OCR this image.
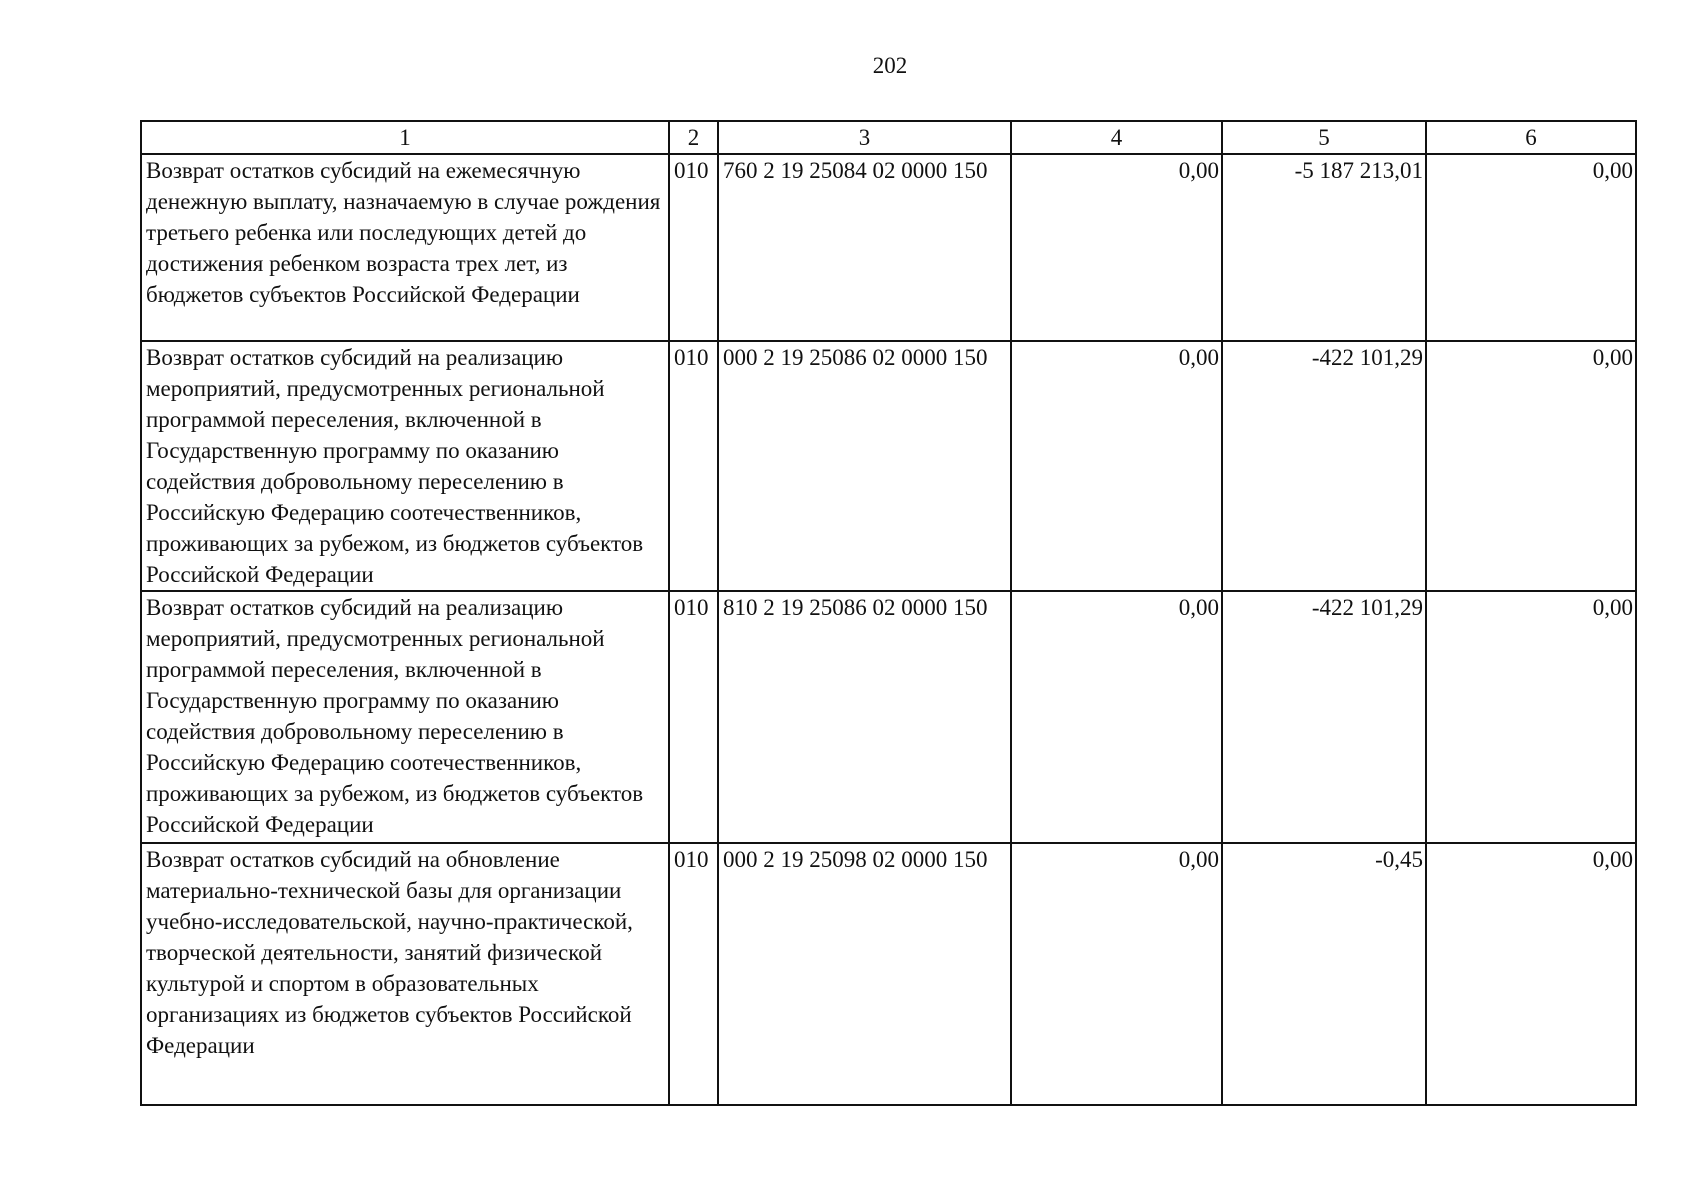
202
1	2	3	4	5	6

Возврат остатков субсидий на ежемесячную денежную выплату, назначаемую в случае рождения третьего ребенка или последующих детей до достижения ребенком возраста трех лет, из бюджетов субъектов Российской Федерации	010	760 2 19 25084 02 0000 150	0,00	-5 187 213,01	0,00

Возврат остатков субсидий на реализацию мероприятий, предусмотренных региональной программой переселения, включенной в Государственную программу по оказанию содействия добровольному переселению в Российскую Федерацию соотечественников, проживающих за рубежом, из бюджетов субъектов Российской Федерации	010	000 2 19 25086 02 0000 150	0,00	-422 101,29	0,00

Возврат остатков субсидий на реализацию мероприятий, предусмотренных региональной программой переселения, включенной в Государственную программу по оказанию содействия добровольному переселению в Российскую Федерацию соотечественников, проживающих за рубежом, из бюджетов субъектов Российской Федерации	010	810 2 19 25086 02 0000 150	0,00	-422 101,29	0,00

Возврат остатков субсидий на обновление материально-технической базы для организации учебно-исследовательской, научно-практической, творческой деятельности, занятий физической культурой и спортом в образовательных организациях из бюджетов субъектов Российской Федерации	010	000 2 19 25098 02 0000 150	0,00	-0,45	0,00
